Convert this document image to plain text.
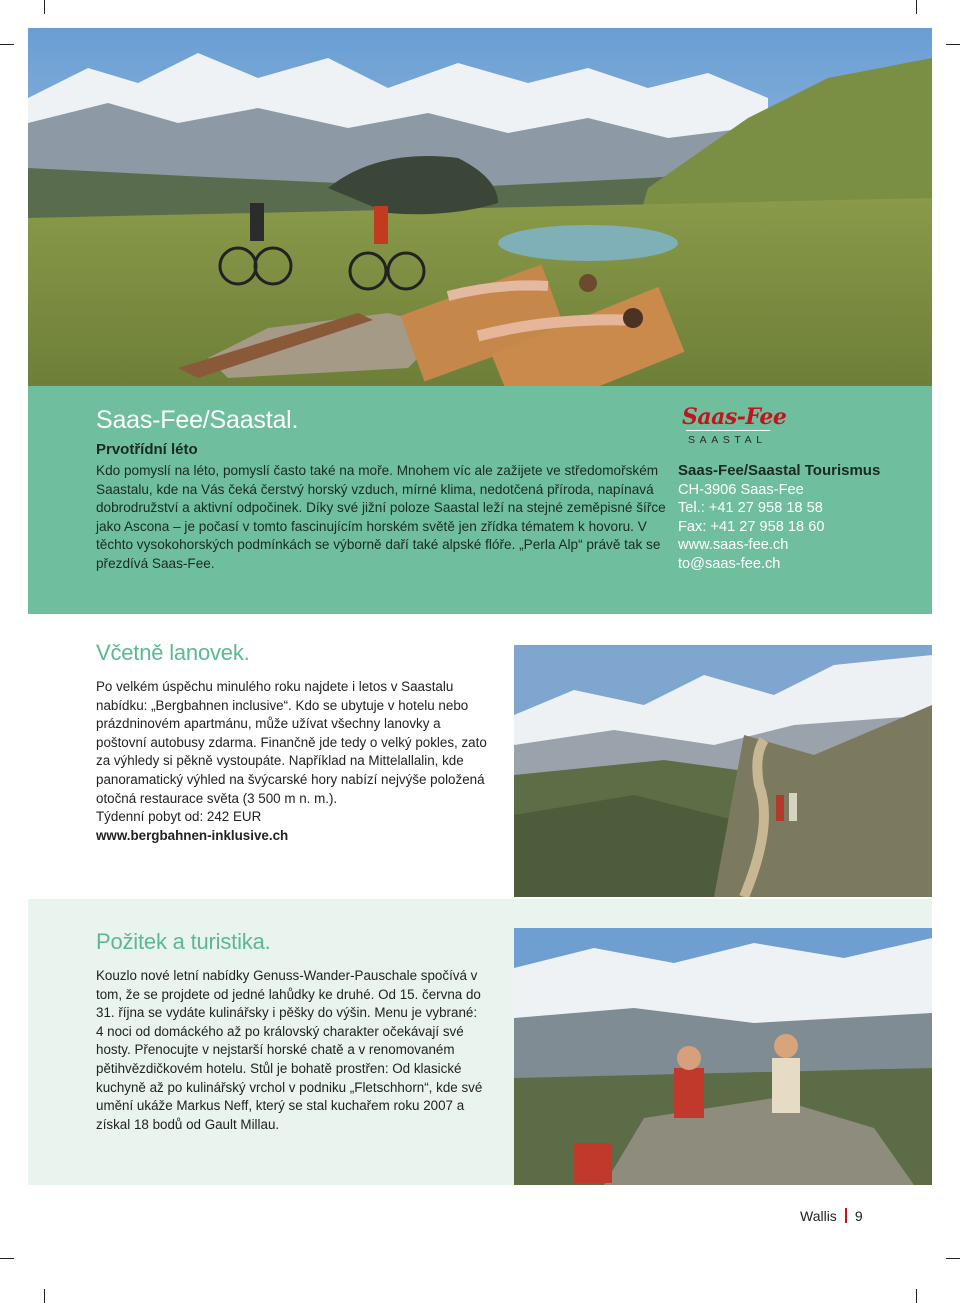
Saas-Fee/Saastal.
Prvotřídní léto

Kdo pomyslí na léto, pomyslí často také na moře. Mnohem víc ale zažijete ve středomořském Saastalu, kde na Vás čeká čerstvý horský vzduch, mírné klima, nedotčená příroda, napínavá dobrodružství a aktivní odpočinek. Díky své jižní poloze Saastal leží na stejné zeměpisné šířce jako Ascona – je počasí v tomto fascinujícím horském světě jen zřídka tématem k hovoru. V těchto vysokohorských podmínkách se výborně daří také alpské flóře. „Perla Alp“ právě tak se přezdívá Saas-Fee.

Saas-Fee
SAASTAL
Saas-Fee/Saastal Tourismus
CH-3906 Saas-Fee
Tel.: +41 27 958 18 58
Fax: +41 27 958 18 60
www.saas-fee.ch
to@saas-fee.ch
Včetně lanovek.

Po velkém úspěchu minulého roku najdete i letos v Saastalu nabídku: „Bergbahnen inclusive“. Kdo se ubytuje v hotelu nebo prázdninovém apartmánu, může užívat všechny lanovky a poštovní autobusy zdarma. Finančně jde tedy o velký pokles, zato za výhledy si pěkně vystoupáte. Například na Mittelallalin, kde panoramatický výhled na švýcarské hory nabízí nejvýše položená otočná restaurace světa (3 500 m n. m.).

Týdenní pobyt od: 242 EUR
www.bergbahnen-inklusive.ch
Požitek a turistika.

Kouzlo nové letní nabídky Genuss-Wander-Pauschale spočívá v tom, že se projdete od jedné lahůdky ke druhé. Od 15. června do 31. října se vydáte kulinářsky i pěšky do výšin. Menu je vybrané: 4 noci od domáckého až po královský charakter očekávají své hosty. Přenocujte v nejstarší horské chatě a v renomovaném pětihvězdičkovém hotelu. Stůl je bohatě prostřen: Od klasické kuchyně až po kulinářský vrchol v podniku „Fletschhorn“, kde své umění ukáže Markus Neff, který se stal kuchařem roku 2007 a získal 18 bodů od Gault Millau.

Wallis 9
